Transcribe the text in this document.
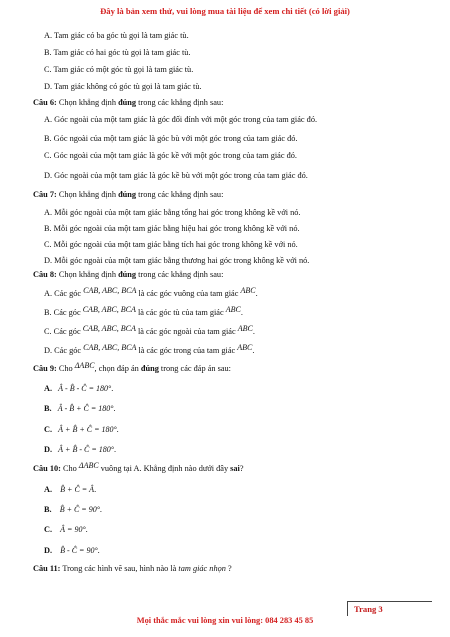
Đây là bản xem thử, vui lòng mua tài liệu để xem chi tiết (có lời giải)
A. Tam giác có ba góc tù gọi là tam giác tù.
B. Tam giác có hai góc tù gọi là tam giác tù.
C. Tam giác có một góc tù gọi là tam giác tù.
D. Tam giác không có góc tù gọi là tam giác tù.
Câu 6: Chọn khẳng định đúng trong các khẳng định sau:
A. Góc ngoài của một tam giác là góc đối đỉnh với một góc trong của tam giác đó.
B. Góc ngoài của một tam giác là góc bù với một góc trong của tam giác đó.
C. Góc ngoài của một tam giác là góc kề với một góc trong của tam giác đó.
D. Góc ngoài của một tam giác là góc kề bù với một góc trong của tam giác đó.
Câu 7: Chọn khẳng định đúng trong các khẳng định sau:
A. Mỗi góc ngoài của một tam giác bằng tổng hai góc trong không kề với nó.
B. Mỗi góc ngoài của một tam giác bằng hiệu hai góc trong không kề với nó.
C. Mỗi góc ngoài của một tam giác bằng tích hai góc trong không kề với nó.
D. Mỗi góc ngoài của một tam giác bằng thương hai góc trong không kề với nó.
Câu 8: Chọn khẳng định đúng trong các khẳng định sau:
A. Các góc CAB, ABC, BCA là các góc vuông của tam giác ABC.
B. Các góc CAB, ABC, BCA là các góc tù của tam giác ABC.
C. Các góc CAB, ABC, BCA là các góc ngoài của tam giác ABC.
D. Các góc CAB, ABC, BCA là các góc trong của tam giác ABC.
Câu 9: Cho ΔABC, chọn đáp án đúng trong các đáp án sau:
A. Â - B̂ - Ĉ = 180°.
B. Â - B̂ + Ĉ = 180°.
C. Â + B̂ + Ĉ = 180°.
D. Â + B̂ - Ĉ = 180°.
Câu 10: Cho ΔABC vuông tại A. Khẳng định nào dưới đây sai?
A. B̂ + Ĉ = Â.
B. B̂ + Ĉ = 90°.
C. Â = 90°.
D. B̂ - Ĉ = 90°.
Câu 11: Trong các hình vẽ sau, hình nào là tam giác nhọn ?
Trang 3
Mọi thắc mắc vui lòng xin vui lòng: 084 283 45 85
